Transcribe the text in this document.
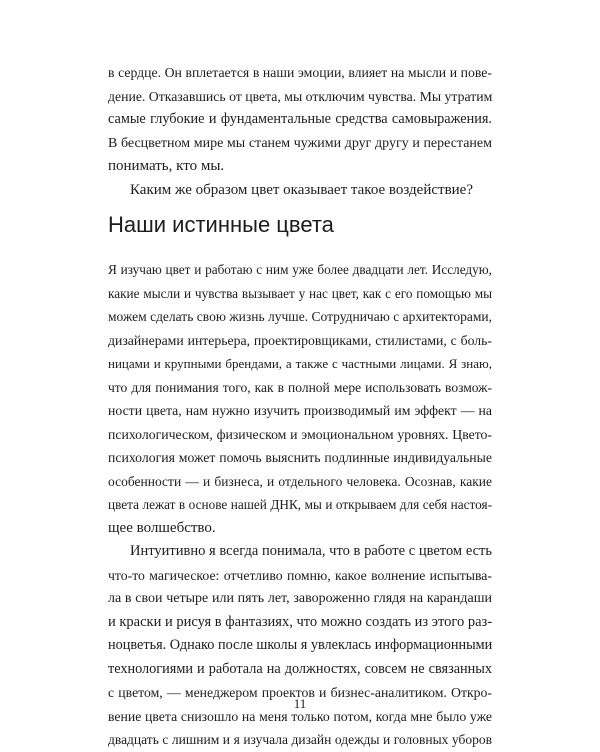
в сердце. Он вплетается в наши эмоции, влияет на мысли и пове-
дение. Отказавшись от цвета, мы отключим чувства. Мы утратим
самые глубокие и фундаментальные средства самовыражения.
В бесцветном мире мы станем чужими друг другу и перестанем
понимать, кто мы.
Каким же образом цвет оказывает такое воздействие?
Наши истинные цвета
Я изучаю цвет и работаю с ним уже более двадцати лет. Исследую,
какие мысли и чувства вызывает у нас цвет, как с его помощью мы
можем сделать свою жизнь лучше. Сотрудничаю с архитекторами,
дизайнерами интерьера, проектировщиками, стилистами, с боль-
ницами и крупными брендами, а также с частными лицами. Я знаю,
что для понимания того, как в полной мере использовать возмож-
ности цвета, нам нужно изучить производимый им эффект — на
психологическом, физическом и эмоциональном уровнях. Цвето-
психология может помочь выяснить подлинные индивидуальные
особенности — и бизнеса, и отдельного человека. Осознав, какие
цвета лежат в основе нашей ДНК, мы и открываем для себя настоя-
щее волшебство.
Интуитивно я всегда понимала, что в работе с цветом есть
что-то магическое: отчетливо помню, какое волнение испытыва-
ла в свои четыре или пять лет, завороженно глядя на карандаши
и краски и рисуя в фантазиях, что можно создать из этого раз-
ноцветья. Однако после школы я увлеклась информационными
технологиями и работала на должностях, совсем не связанных
с цветом, — менеджером проектов и бизнес-аналитиком. Откро-
вение цвета снизошло на меня только потом, когда мне было уже
двадцать с лишним и я изучала дизайн одежды и головных уборов
11
